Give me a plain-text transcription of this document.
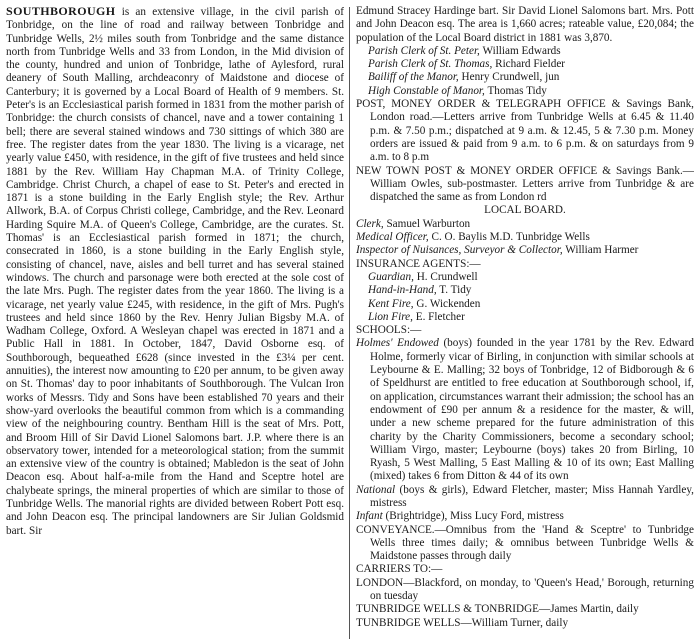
SOUTHBOROUGH is an extensive village, in the civil parish of Tonbridge, on the line of road and railway between Tonbridge and Tunbridge Wells, 2½ miles south from Tonbridge and the same distance north from Tunbridge Wells and 33 from London, in the Mid division of the county, hundred and union of Tonbridge, lathe of Aylesford, rural deanery of South Malling, archdeaconry of Maidstone and diocese of Canterbury; it is governed by a Local Board of Health of 9 members. St. Peter's is an Ecclesiastical parish formed in 1831 from the mother parish of Tonbridge: the church consists of chancel, nave and a tower containing 1 bell; there are several stained windows and 730 sittings of which 380 are free. The register dates from the year 1830. The living is a vicarage, net yearly value £450, with residence, in the gift of five trustees and held since 1881 by the Rev. William Hay Chapman M.A. of Trinity College, Cambridge. Christ Church, a chapel of ease to St. Peter's and erected in 1871 is a stone building in the Early English style; the Rev. Arthur Allwork, B.A. of Corpus Christi college, Cambridge, and the Rev. Leonard Harding Squire M.A. of Queen's College, Cambridge, are the curates. St. Thomas' is an Ecclesiastical parish formed in 1871; the church, consecrated in 1860, is a stone building in the Early English style, consisting of chancel, nave, aisles and bell turret and has several stained windows. The church and parsonage were both erected at the sole cost of the late Mrs. Pugh. The register dates from the year 1860. The living is a vicarage, net yearly value £245, with residence, in the gift of Mrs. Pugh's trustees and held since 1860 by the Rev. Henry Julian Bigsby M.A. of Wadham College, Oxford. A Wesleyan chapel was erected in 1871 and a Public Hall in 1881. In October, 1847, David Osborne esq. of Southborough, bequeathed £628 (since invested in the £3¼ per cent. annuities), the interest now amounting to £20 per annum, to be given away on St. Thomas' day to poor inhabitants of Southborough. The Vulcan Iron works of Messrs. Tidy and Sons have been established 70 years and their show-yard overlooks the beautiful common from which is a commanding view of the neighbouring country. Bentham Hill is the seat of Mrs. Pott, and Broom Hill of Sir David Lionel Salomons bart. J.P. where there is an observatory tower, intended for a meteorological station; from the summit an extensive view of the country is obtained; Mabledon is the seat of John Deacon esq. About half-a-mile from the Hand and Sceptre hotel are chalybeate springs, the mineral properties of which are similar to those of Tunbridge Wells. The manorial rights are divided between Robert Pott esq. and John Deacon esq. The principal landowners are Sir Julian Goldsmid bart. Sir

Edmund Stracey Hardinge bart. Sir David Lionel Salomons bart. Mrs. Pott and John Deacon esq. The area is 1,660 acres; rateable value, £20,084; the population of the Local Board district in 1881 was 3,870.

Parish Clerk of St. Peter, William Edwards
Parish Clerk of St. Thomas, Richard Fielder
Bailiff of the Manor, Henry Crundwell, jun
High Constable of Manor, Thomas Tidy

POST, MONEY ORDER & TELEGRAPH OFFICE & Savings Bank, London road.—Letters arrive from Tunbridge Wells at 6.45 & 11.40 p.m. & 7.50 p.m.; dispatched at 9 a.m. & 12.45, 5 & 7.30 p.m. Money orders are issued & paid from 9 a.m. to 6 p.m. & on saturdays from 9 a.m. to 8 p.m

NEW TOWN POST & MONEY ORDER OFFICE & Savings Bank.—William Owles, sub-postmaster. Letters arrive from Tunbridge & are dispatched the same as from London rd

LOCAL BOARD.
Clerk, Samuel Warburton
Medical Officer, C. O. Baylis M.D. Tunbridge Wells
Inspector of Nuisances, Surveyor & Collector, William Harmer
INSURANCE AGENTS:—
Guardian, H. Crundwell
Hand-in-Hand, T. Tidy
Kent Fire, G. Wickenden
Lion Fire, E. Fletcher
SCHOOLS:—

Holmes' Endowed (boys) founded in the year 1781 by the Rev. Edward Holme, formerly vicar of Birling, in conjunction with similar schools at Leybourne & E. Malling; 32 boys of Tonbridge, 12 of Bidborough & 6 of Speldhurst are entitled to free education at Southborough school, if, on application, circumstances warrant their admission; the school has an endowment of £90 per annum & a residence for the master, & will, under a new scheme prepared for the future administration of this charity by the Charity Commissioners, become a secondary school; William Virgo, master; Leybourne (boys) takes 20 from Birling, 10 Ryash, 5 West Malling, 5 East Malling & 10 of its own; East Malling (mixed) takes 6 from Ditton & 44 of its own

National (boys & girls), Edward Fletcher, master; Miss Hannah Yardley, mistress

Infant (Brightridge), Miss Lucy Ford, mistress

CONVEYANCE.—Omnibus from the 'Hand & Sceptre' to Tunbridge Wells three times daily; & omnibus between Tunbridge Wells & Maidstone passes through daily

CARRIERS TO:—

LONDON—Blackford, on monday, to 'Queen's Head,' Borough, returning on tuesday

TUNBRIDGE WELLS & TONBRIDGE—James Martin, daily

TUNBRIDGE WELLS—William Turner, daily
